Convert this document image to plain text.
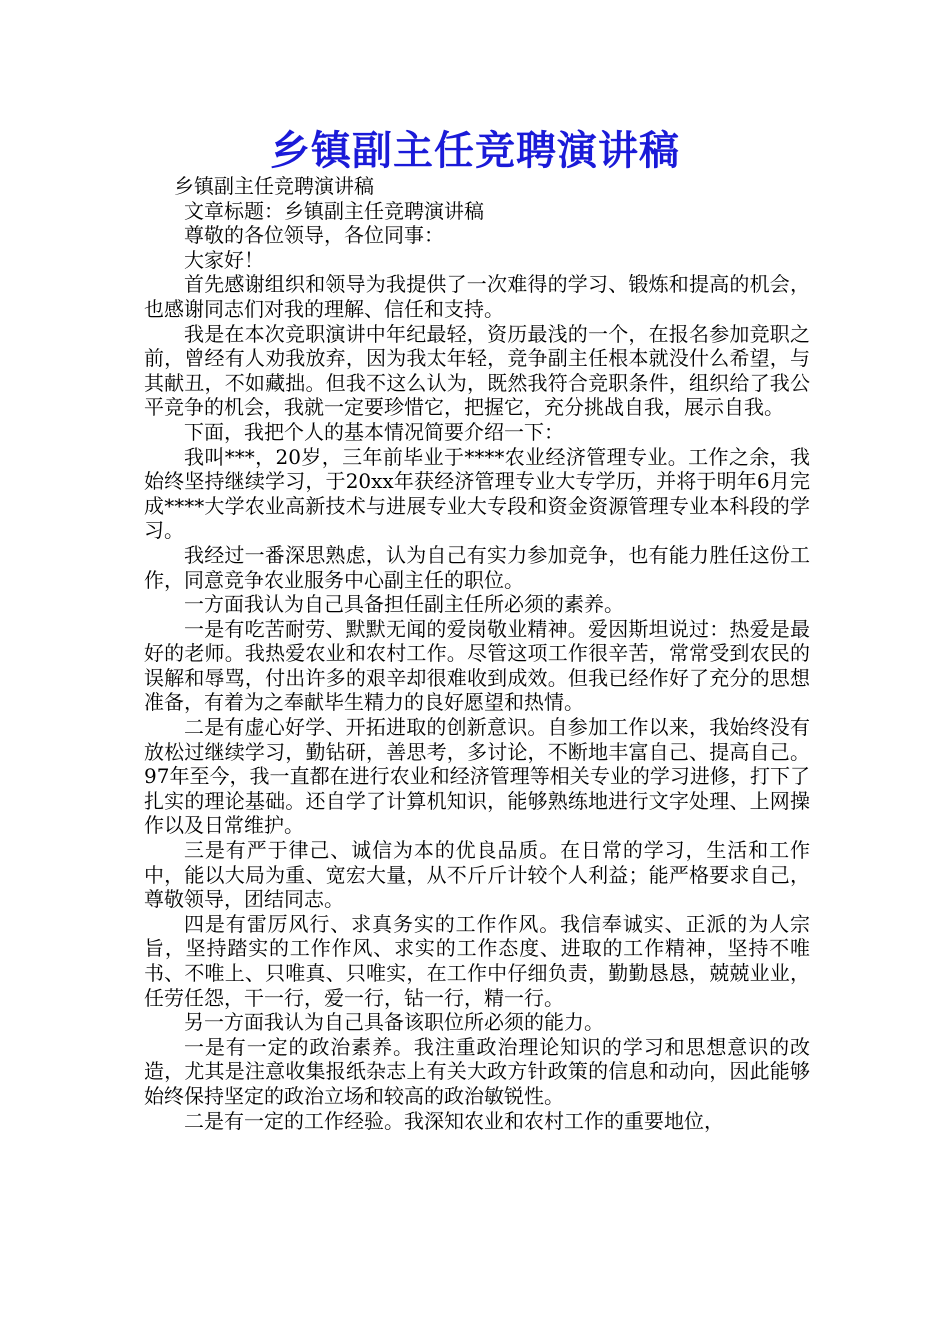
乡镇副主任竞聘演讲稿

乡镇副主任竞聘演讲稿

文章标题：乡镇副主任竞聘演讲稿

尊敬的各位领导，各位同事：

大家好！

首先感谢组织和领导为我提供了一次难得的学习、锻炼和提高的机会，也感谢同志们对我的理解、信任和支持。

我是在本次竞职演讲中年纪最轻，资历最浅的一个，在报名参加竞职之前，曾经有人劝我放弃，因为我太年轻，竞争副主任根本就没什么希望，与其献丑，不如藏拙。但我不这么认为，既然我符合竞职条件，组织给了我公平竞争的机会，我就一定要珍惜它，把握它，充分挑战自我，展示自我。

下面，我把个人的基本情况简要介绍一下：

我叫***，20岁，三年前毕业于****农业经济管理专业。工作之余，我始终坚持继续学习，于20xx年获经济管理专业大专学历，并将于明年6月完成****大学农业高新技术与进展专业大专段和资金资源管理专业本科段的学习。

我经过一番深思熟虑，认为自己有实力参加竞争，也有能力胜任这份工作，同意竞争农业服务中心副主任的职位。

一方面我认为自己具备担任副主任所必须的素养。

一是有吃苦耐劳、默默无闻的爱岗敬业精神。爱因斯坦说过：热爱是最好的老师。我热爱农业和农村工作。尽管这项工作很辛苦，常常受到农民的误解和辱骂，付出许多的艰辛却很难收到成效。但我已经作好了充分的思想准备，有着为之奉献毕生精力的良好愿望和热情。

二是有虚心好学、开拓进取的创新意识。自参加工作以来，我始终没有放松过继续学习，勤钻研，善思考，多讨论，不断地丰富自己、提高自己。97年至今，我一直都在进行农业和经济管理等相关专业的学习进修，打下了扎实的理论基础。还自学了计算机知识，能够熟练地进行文字处理、上网操作以及日常维护。

三是有严于律己、诚信为本的优良品质。在日常的学习，生活和工作中，能以大局为重、宽宏大量，从不斤斤计较个人利益；能严格要求自己，尊敬领导，团结同志。

四是有雷厉风行、求真务实的工作作风。我信奉诚实、正派的为人宗旨，坚持踏实的工作作风、求实的工作态度、进取的工作精神，坚持不唯书、不唯上、只唯真、只唯实，在工作中仔细负责，勤勤恳恳，兢兢业业，任劳任怨，干一行，爱一行，钻一行，精一行。

另一方面我认为自己具备该职位所必须的能力。

一是有一定的政治素养。我注重政治理论知识的学习和思想意识的改造，尤其是注意收集报纸杂志上有关大政方针政策的信息和动向，因此能够始终保持坚定的政治立场和较高的政治敏锐性。

二是有一定的工作经验。我深知农业和农村工作的重要地位，
